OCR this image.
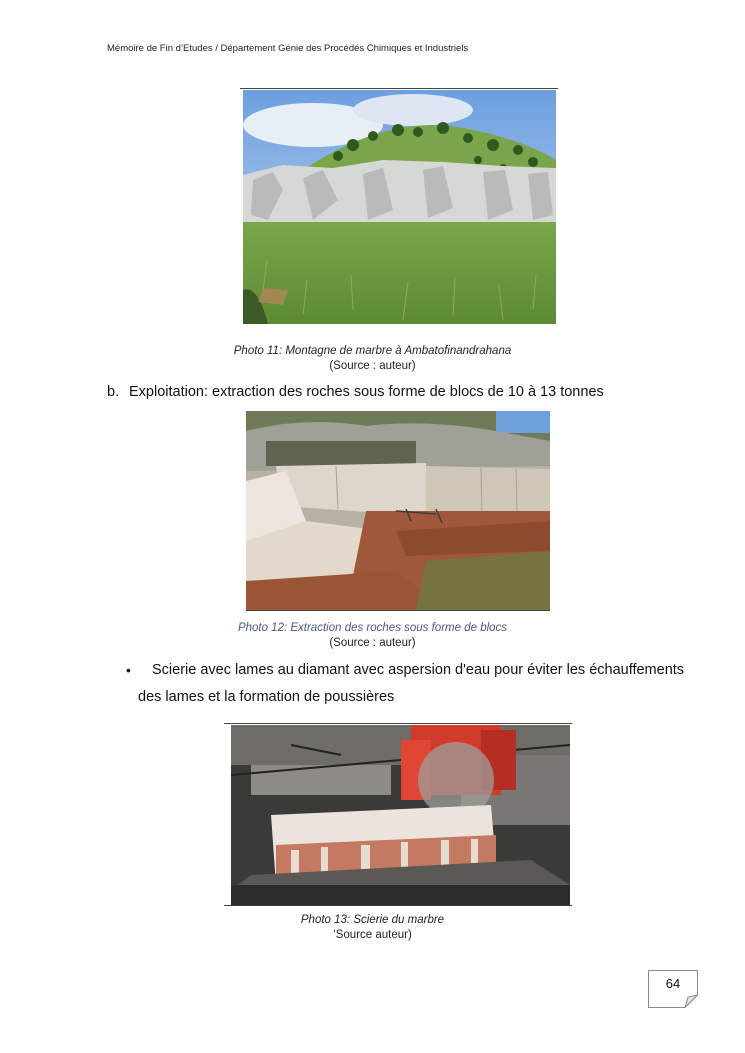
Mémoire de Fin d’Etudes / Département Génie des Procédés Chimiques et Industriels
Photo 11: Montagne de marbre à Ambatofinandrahana
(Source : auteur)
b. Exploitation: extraction des roches sous forme de blocs de 10 à 13 tonnes
Photo 12: Extraction des roches sous forme de blocs
(Source : auteur)
• Scierie avec lames au diamant avec aspersion d'eau pour éviter les échauffements
des lames et la formation de poussières
Photo 13: Scierie du marbre
‘Source auteur)
64
